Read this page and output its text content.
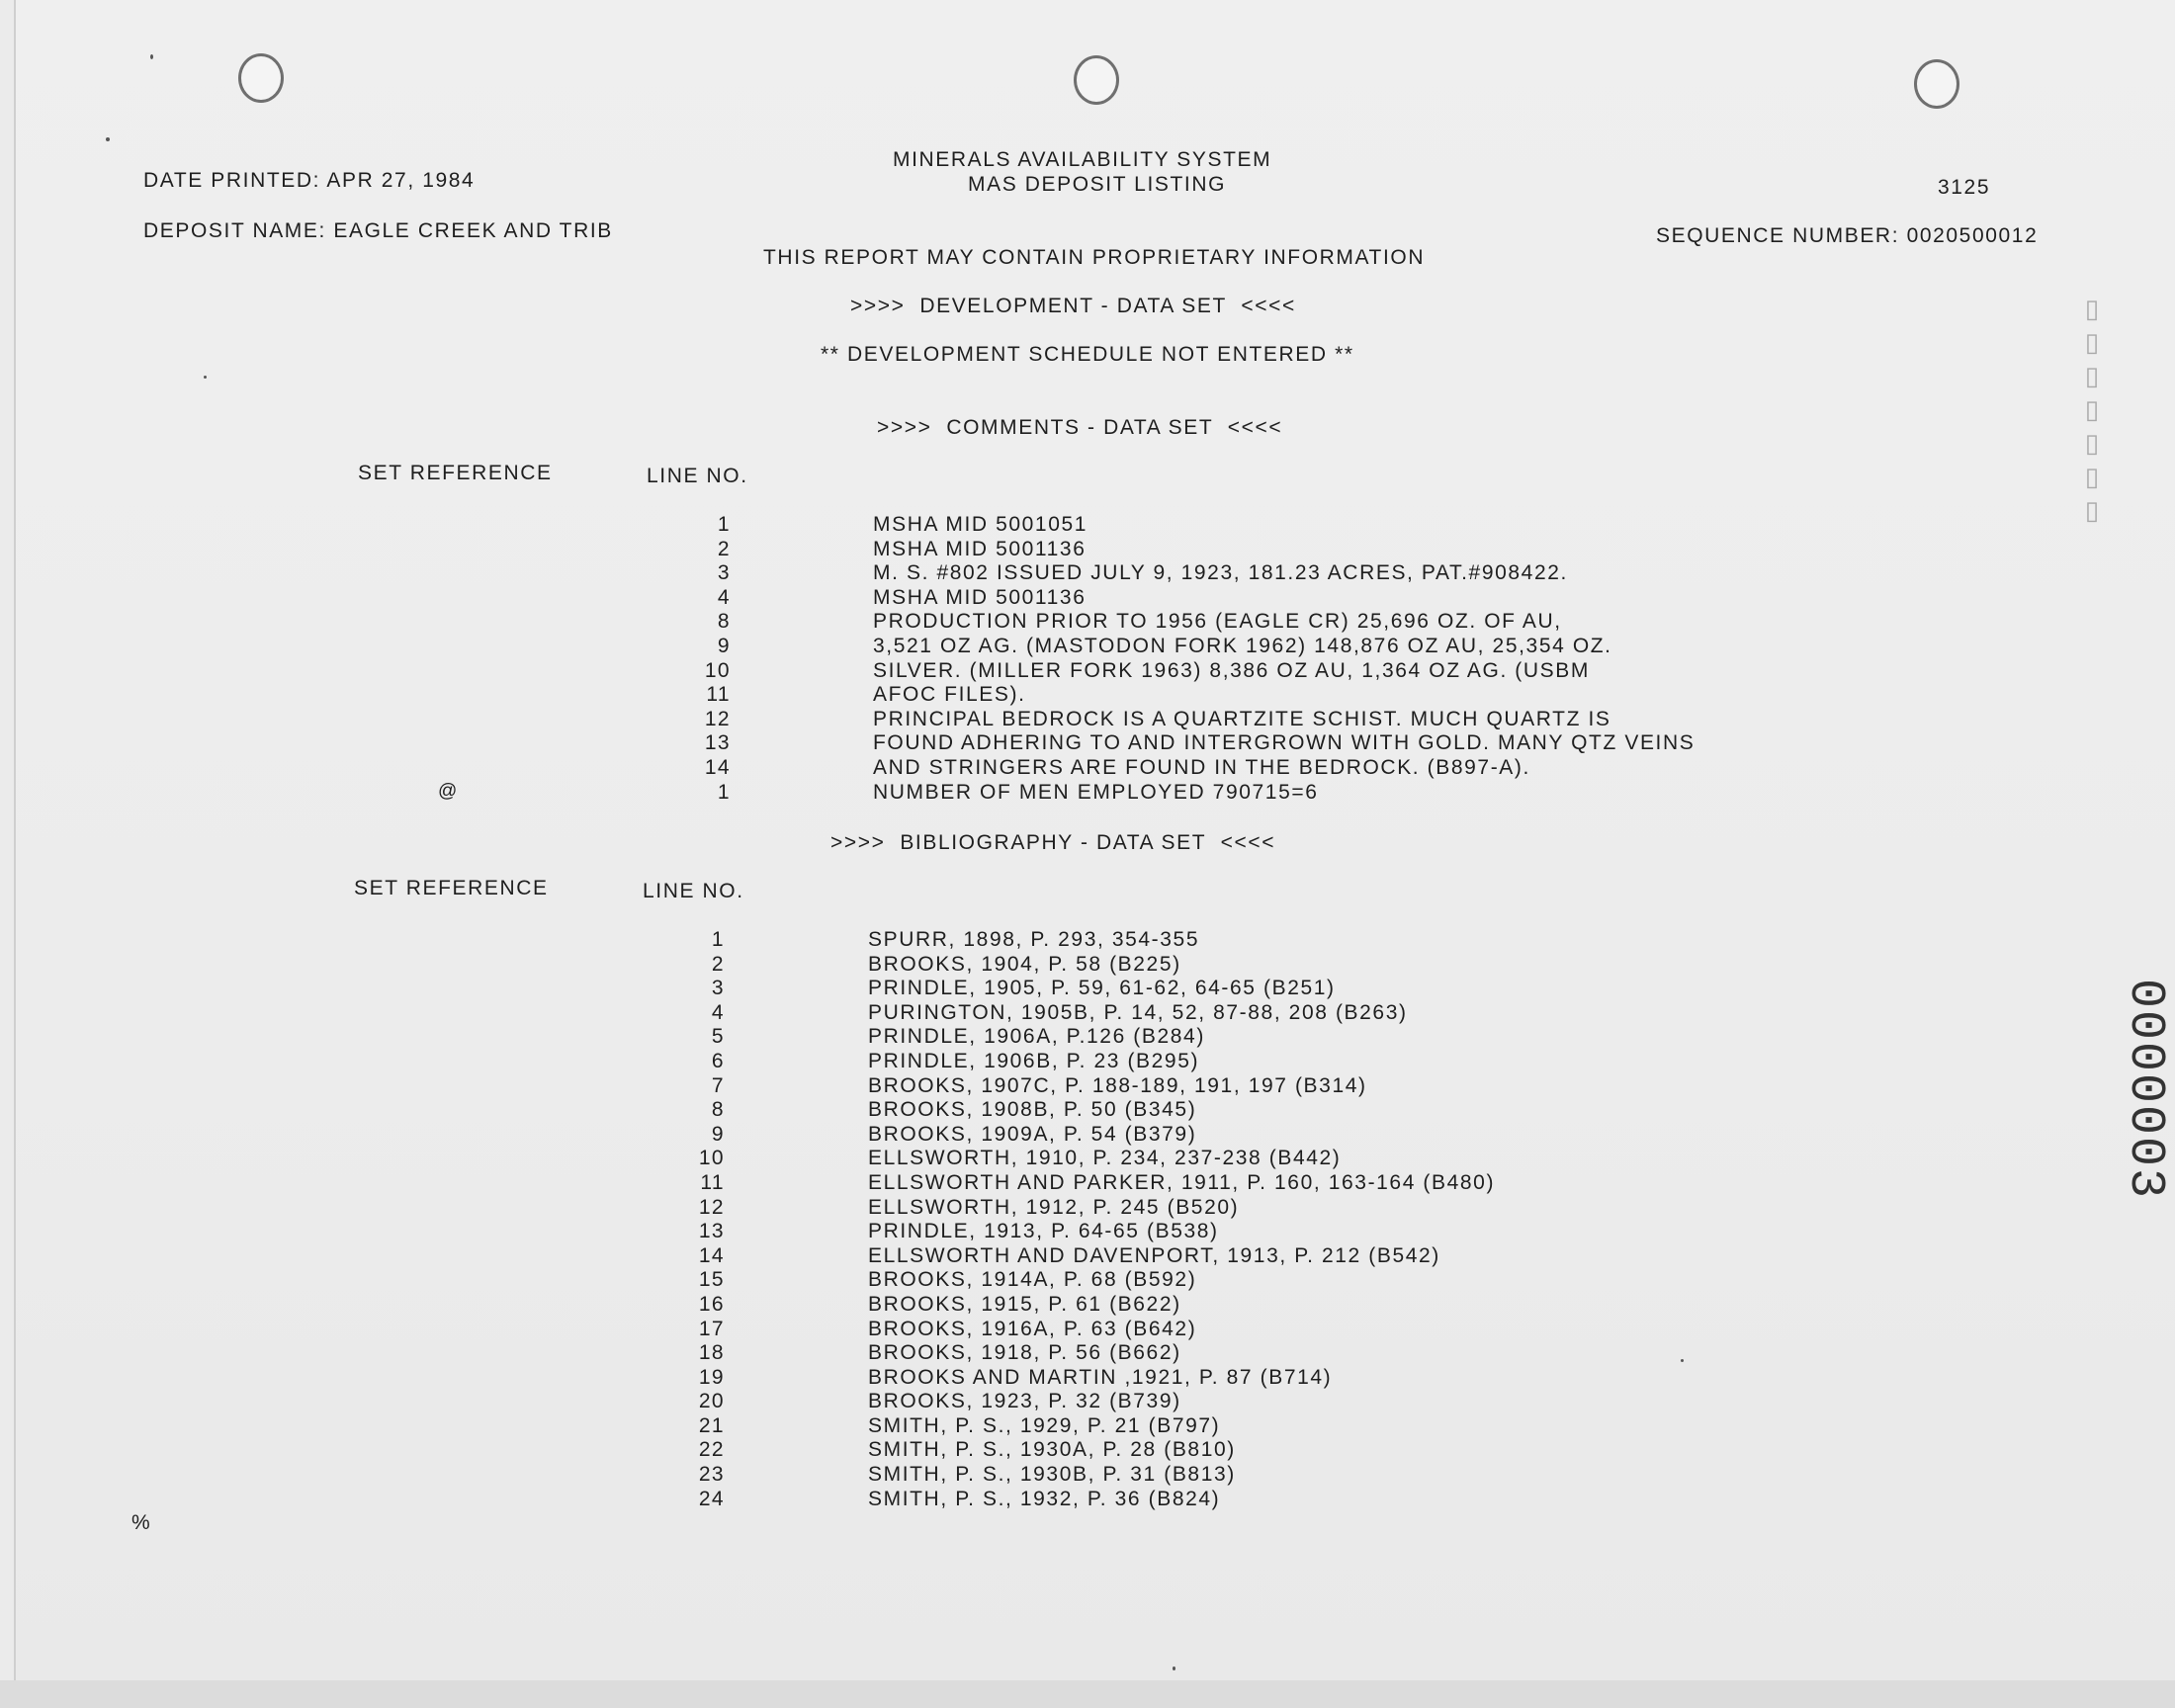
DATE PRINTED: APR 27, 1984
MINERALS AVAILABILITY SYSTEM
MAS DEPOSIT LISTING	3125
DEPOSIT NAME: EAGLE CREEK AND TRIB	SEQUENCE NUMBER: 0020500012
THIS REPORT MAY CONTAIN PROPRIETARY INFORMATION
>>>>  DEVELOPMENT - DATA SET  <<<<
** DEVELOPMENT SCHEDULE NOT ENTERED **
>>>>  COMMENTS - DATA SET  <<<<
SET REFERENCE	LINE NO.
1	MSHA MID 5001051
2	MSHA MID 5001136
3	M. S. #802 ISSUED JULY 9, 1923, 181.23 ACRES, PAT.#908422.
4	MSHA MID 5001136
8	PRODUCTION PRIOR TO 1956 (EAGLE CR) 25,696 OZ. OF AU,
9	3,521 OZ AG. (MASTODON FORK 1962) 148,876 OZ AU, 25,354 OZ.
10	SILVER. (MILLER FORK 1963) 8,386 OZ AU, 1,364 OZ AG. (USBM
11	AFOC FILES).
12	PRINCIPAL BEDROCK IS A QUARTZITE SCHIST. MUCH QUARTZ IS
13	FOUND ADHERING TO AND INTERGROWN WITH GOLD. MANY QTZ VEINS
14	AND STRINGERS ARE FOUND IN THE BEDROCK. (B897-A).
@	1	NUMBER OF MEN EMPLOYED 790715=6
>>>>  BIBLIOGRAPHY - DATA SET  <<<<
SET REFERENCE	LINE NO.
1	SPURR, 1898, P. 293, 354-355
2	BROOKS, 1904, P. 58 (B225)
3	PRINDLE, 1905, P. 59, 61-62, 64-65 (B251)
4	PURINGTON, 1905B, P. 14, 52, 87-88, 208 (B263)
5	PRINDLE, 1906A, P.126 (B284)
6	PRINDLE, 1906B, P. 23 (B295)
7	BROOKS, 1907C, P. 188-189, 191, 197 (B314)
8	BROOKS, 1908B, P. 50 (B345)
9	BROOKS, 1909A, P. 54 (B379)
10	ELLSWORTH, 1910, P. 234, 237-238 (B442)
11	ELLSWORTH AND PARKER, 1911, P. 160, 163-164 (B480)
12	ELLSWORTH, 1912, P. 245 (B520)
13	PRINDLE, 1913, P. 64-65 (B538)
14	ELLSWORTH AND DAVENPORT, 1913, P. 212 (B542)
15	BROOKS, 1914A, P. 68 (B592)
16	BROOKS, 1915, P. 61 (B622)
17	BROOKS, 1916A, P. 63 (B642)
18	BROOKS, 1918, P. 56 (B662)
19	BROOKS AND MARTIN ,1921, P. 87 (B714)
20	BROOKS, 1923, P. 32 (B739)
21	SMITH, P. S., 1929, P. 21 (B797)
22	SMITH, P. S., 1930A, P. 28 (B810)
23	SMITH, P. S., 1930B, P. 31 (B813)
24	SMITH, P. S., 1932, P. 36 (B824)
%
0000003
▯▯▯▯▯▯▯
